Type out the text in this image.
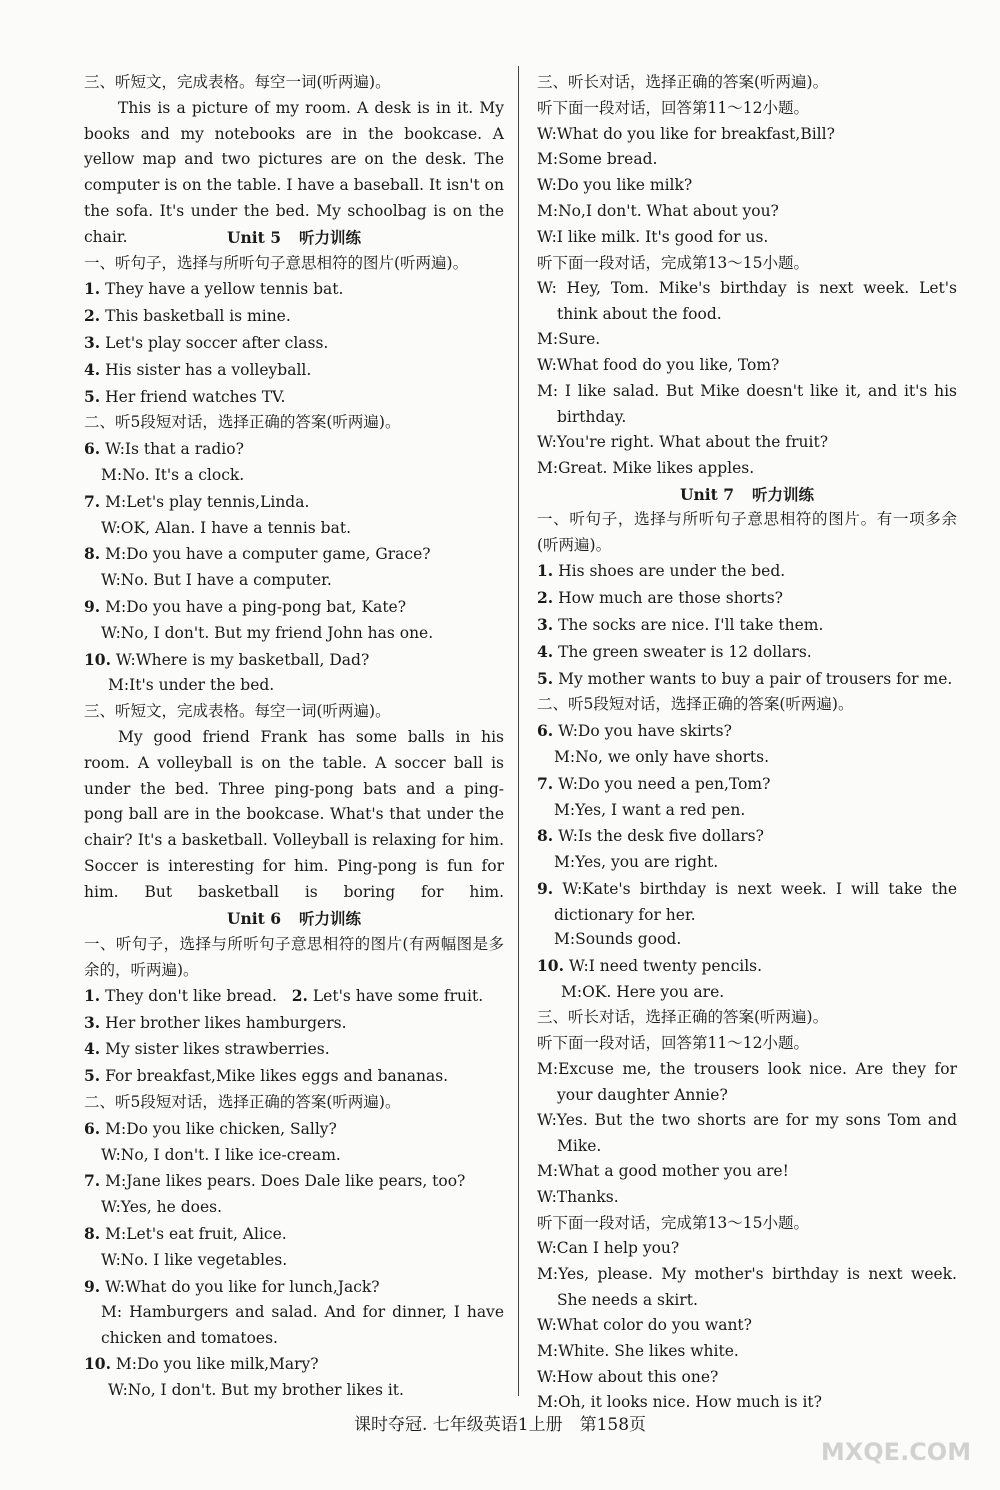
三、听短文，完成表格。每空一词(听两遍)。
This is a picture of my room. A desk is in it. My books and my notebooks are in the bookcase. A yellow map and two pictures are on the desk. The computer is on the table. I have a baseball. It isn't on the sofa. It's under the bed. My schoolbag is on the chair.	Unit 5 听力训练
一、听句子，选择与所听句子意思相符的图片(听两遍)。
1. They have a yellow tennis bat.
2. This basketball is mine.
3. Let's play soccer after class.
4. His sister has a volleyball.
5. Her friend watches TV.
二、听5段短对话，选择正确的答案(听两遍)。
6. W:Is that a radio?
M:No. It's a clock.
7. M:Let's play tennis,Linda.
W:OK, Alan. I have a tennis bat.
8. M:Do you have a computer game, Grace?
W:No. But I have a computer.
9. M:Do you have a ping-pong bat, Kate?
W:No, I don't. But my friend John has one.
10. W:Where is my basketball, Dad?
M:It's under the bed.
三、听短文，完成表格。每空一词(听两遍)。
My good friend Frank has some balls in his room. A volleyball is on the table. A soccer ball is under the bed. Three ping-pong bats and a ping-pong ball are in the bookcase. What's that under the chair? It's a basketball. Volleyball is relaxing for him. Soccer is interesting for him. Ping-pong is fun for him. But basketball is boring for him.
Unit 6 听力训练
一、听句子，选择与所听句子意思相符的图片(有两幅图是多余的，听两遍)。
1. They don't like bread. 2. Let's have some fruit.
3. Her brother likes hamburgers.
4. My sister likes strawberries.
5. For breakfast,Mike likes eggs and bananas.
二、听5段短对话，选择正确的答案(听两遍)。
6. M:Do you like chicken, Sally?
W:No, I don't. I like ice-cream.
7. M:Jane likes pears. Does Dale like pears, too?
W:Yes, he does.
8. M:Let's eat fruit, Alice.
W:No. I like vegetables.
9. W:What do you like for lunch,Jack?
M: Hamburgers and salad. And for dinner, I have chicken and tomatoes.
10. M:Do you like milk,Mary?
W:No, I don't. But my brother likes it.
三、听长对话，选择正确的答案(听两遍)。
听下面一段对话，回答第11～12小题。
W:What do you like for breakfast,Bill?
M:Some bread.
W:Do you like milk?
M:No,I don't. What about you?
W:I like milk. It's good for us.
听下面一段对话，完成第13～15小题。
W: Hey, Tom. Mike's birthday is next week. Let's think about the food.
M:Sure.
W:What food do you like, Tom?
M: I like salad. But Mike doesn't like it, and it's his birthday.
W:You're right. What about the fruit?
M:Great. Mike likes apples.
Unit 7 听力训练
一、听句子，选择与所听句子意思相符的图片。有一项多余(听两遍)。
1. His shoes are under the bed.
2. How much are those shorts?
3. The socks are nice. I'll take them.
4. The green sweater is 12 dollars.
5. My mother wants to buy a pair of trousers for me.
二、听5段短对话，选择正确的答案(听两遍)。
6. W:Do you have skirts?
M:No, we only have shorts.
7. W:Do you need a pen,Tom?
M:Yes, I want a red pen.
8. W:Is the desk five dollars?
M:Yes, you are right.
9. W:Kate's birthday is next week. I will take the dictionary for her.
M:Sounds good.
10. W:I need twenty pencils.
M:OK. Here you are.
三、听长对话，选择正确的答案(听两遍)。
听下面一段对话，回答第11～12小题。
M:Excuse me, the trousers look nice. Are they for your daughter Annie?
W:Yes. But the two shorts are for my sons Tom and Mike.
M:What a good mother you are!
W:Thanks.
听下面一段对话，完成第13～15小题。
W:Can I help you?
M:Yes, please. My mother's birthday is next week. She needs a skirt.
W:What color do you want?
M:White. She likes white.
W:How about this one?
M:Oh, it looks nice. How much is it?
课时夺冠. 七年级英语1上册　第158页
MXQE.COM
